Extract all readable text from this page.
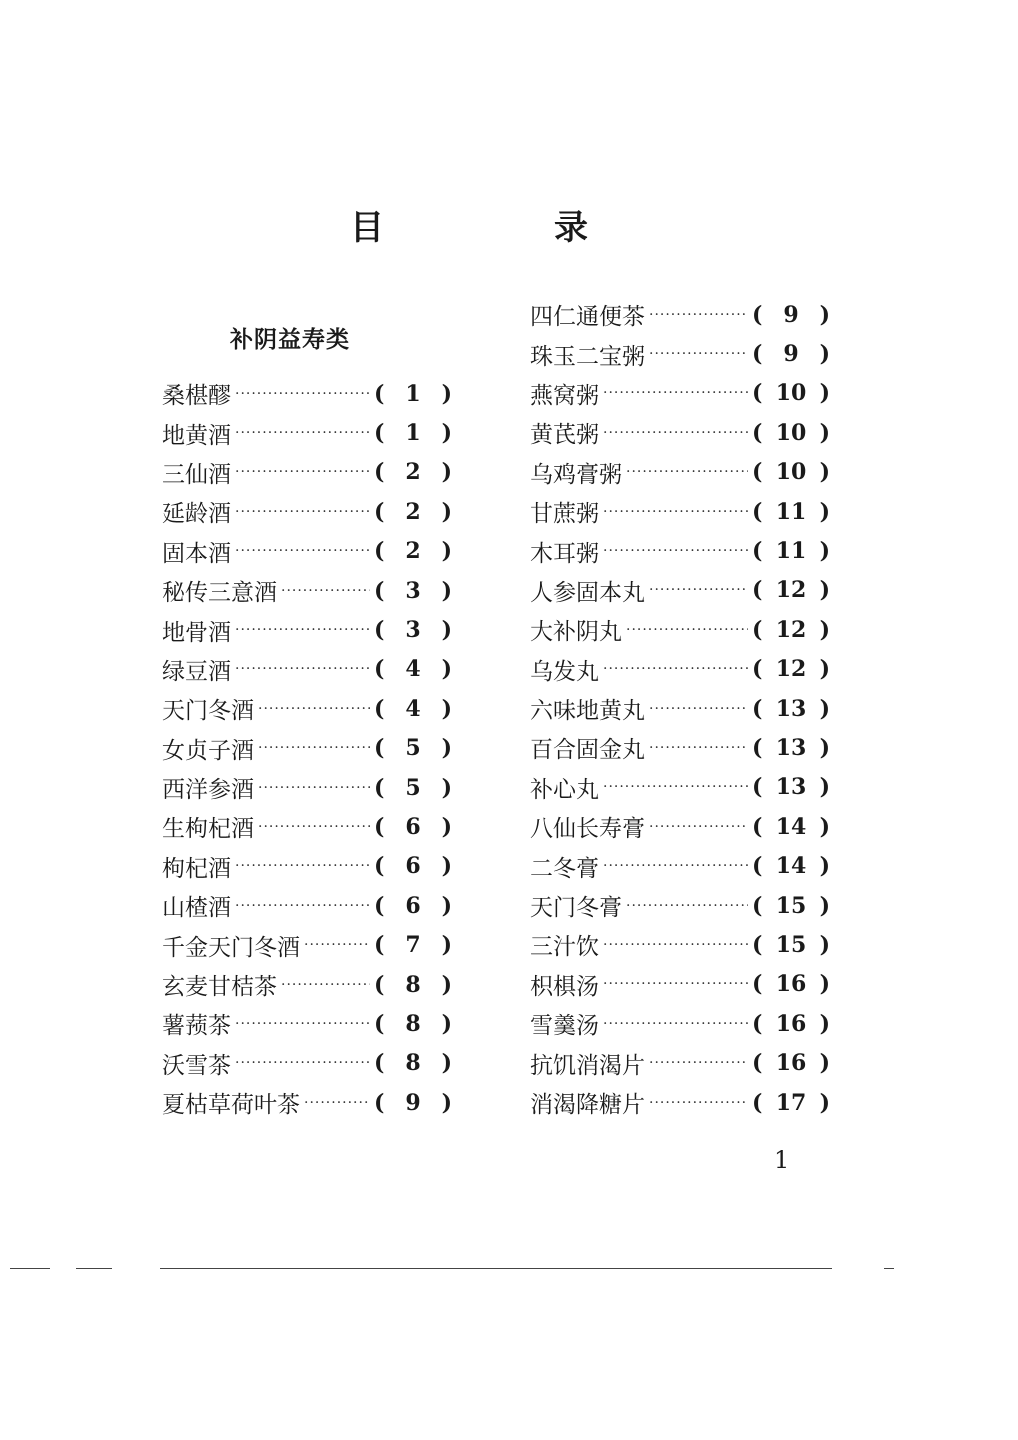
目　录
补阴益寿类
桑椹醪 ·····	( 1 )
地黄酒 ·····	( 1 )
三仙酒 ·····	( 2 )
延龄酒 ·····	( 2 )
固本酒 ·····	( 2 )
秘传三意酒 ·····	( 3 )
地骨酒 ·····	( 3 )
绿豆酒 ·····	( 4 )
天门冬酒 ·····	( 4 )
女贞子酒 ·····	( 5 )
西洋参酒 ·····	( 5 )
生枸杞酒 ·····	( 6 )
枸杞酒 ·····	( 6 )
山楂酒 ·····	( 6 )
千金天门冬酒 ·····	( 7 )
玄麦甘桔茶 ·····	( 8 )
薯蓣茶 ·····	( 8 )
沃雪茶 ·····	( 8 )
夏枯草荷叶茶 ·····	( 9 )
四仁通便茶 ·····	( 9 )
珠玉二宝粥 ·····	( 9 )
燕窝粥 ·····	( 10 )
黄芪粥 ·····	( 10 )
乌鸡膏粥 ·····	( 10 )
甘蔗粥 ·····	( 11 )
木耳粥 ·····	( 11 )
人参固本丸 ·····	( 12 )
大补阴丸 ·····	( 12 )
乌发丸 ·····	( 12 )
六味地黄丸 ·····	( 13 )
百合固金丸 ·····	( 13 )
补心丸 ·····	( 13 )
八仙长寿膏 ·····	( 14 )
二冬膏 ·····	( 14 )
天门冬膏 ·····	( 15 )
三汁饮 ·····	( 15 )
枳椇汤 ·····	( 16 )
雪羹汤 ·····	( 16 )
抗饥消渴片 ·····	( 16 )
消渴降糖片 ·····	( 17 )
1
